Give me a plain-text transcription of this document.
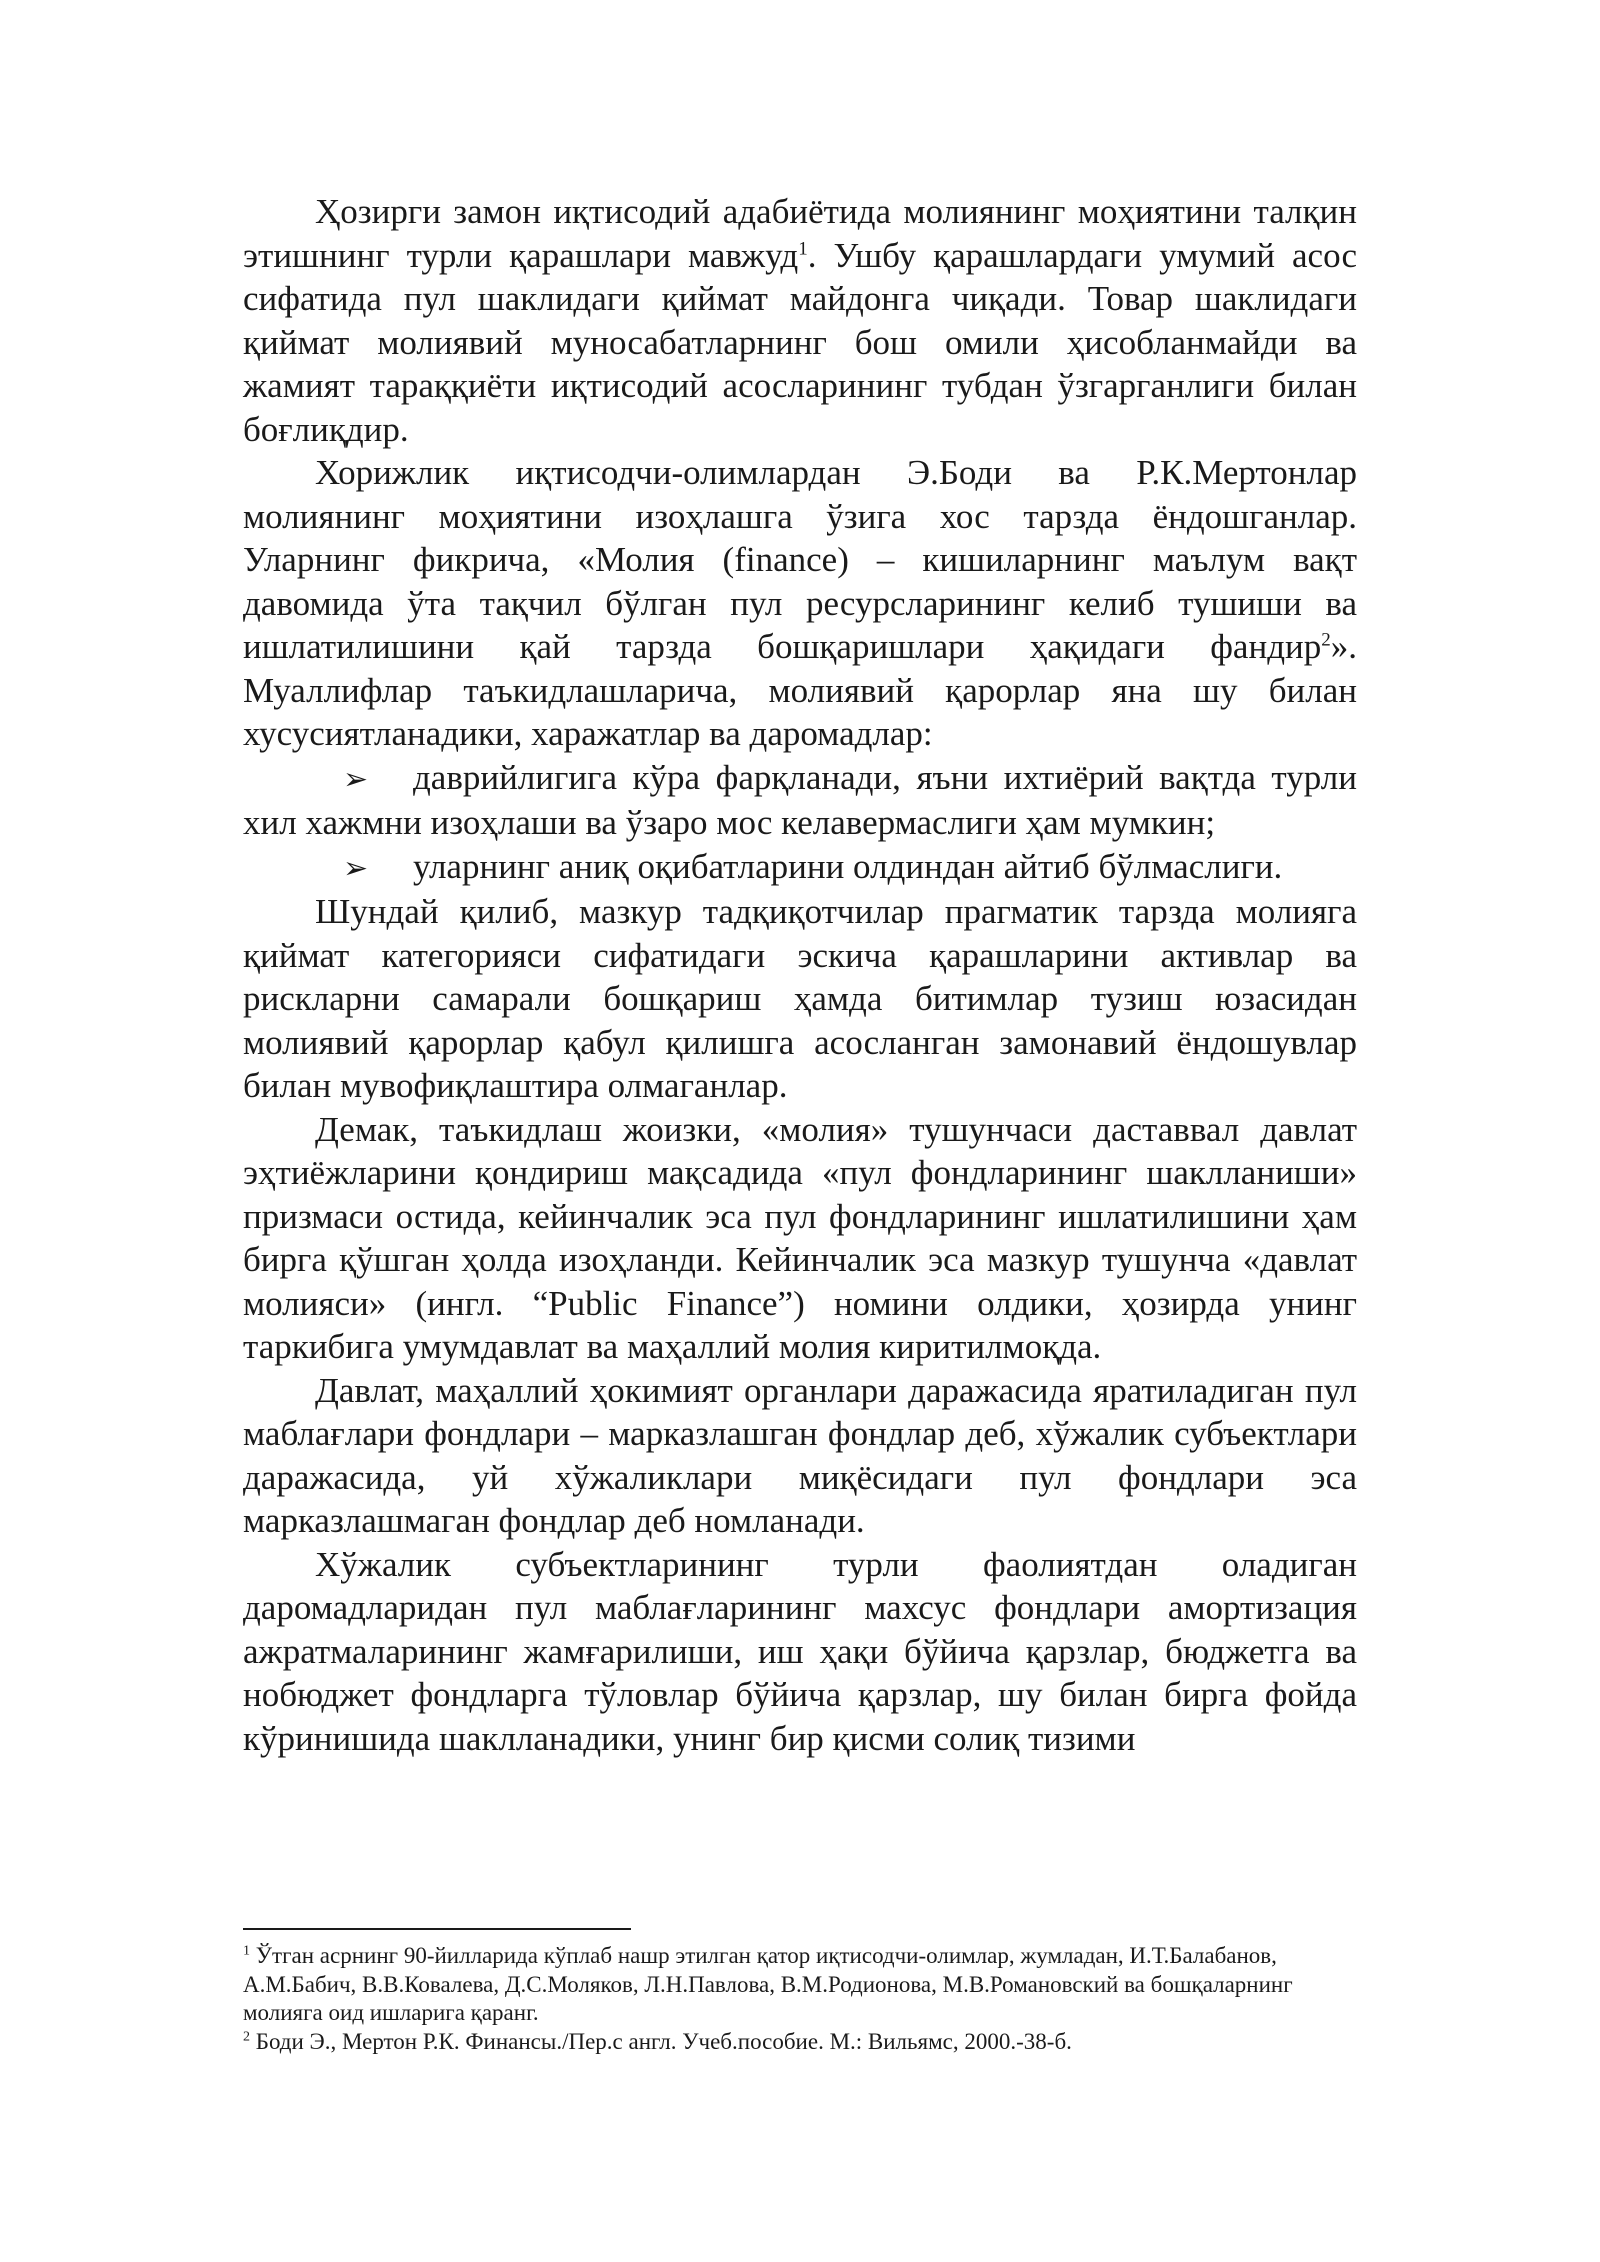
Ҳозирги замон иқтисодий адабиётида молиянинг моҳиятини талқин этишнинг турли қарашлари мавжуд$^1$. Ушбу қарашлардаги умумий асос сифатида пул шаклидаги қиймат майдонга чиқади. Товар шаклидаги қиймат молиявий муносабатларнинг бош омили ҳисобланмайди ва жамият тараққиёти иқтисодий асосларининг тубдан ўзгарганлиги билан боғлиқдир.

Хорижлик иқтисодчи-олимлардан Э.Боди ва Р.К.Мертонлар молиянинг моҳиятини изоҳлашга ўзига хос тарзда ёндошганлар. Уларнинг фикрича, «Молия (finance) – кишиларнинг маълум вақт давомида ўта тақчил бўлган пул ресурсларининг келиб тушиши ва ишлатилишини қай тарзда бошқаришлари ҳақидаги фандир$^2$». Муаллифлар таъкидлашларича, молиявий қарорлар яна шу билан хусусиятланадики, харажатлар ва даромадлар:

➢ даврийлигига кўра фарқланади, яъни ихтиёрий вақтда турли хил хажмни изоҳлаши ва ўзаро мос келавермаслиги ҳам мумкин;

➢ уларнинг аниқ оқибатларини олдиндан айтиб бўлмаслиги.

Шундай қилиб, мазкур тадқиқотчилар прагматик тарзда молияга қиймат категорияси сифатидаги эскича қарашларини активлар ва рискларни самарали бошқариш ҳамда битимлар тузиш юзасидан молиявий қарорлар қабул қилишга асосланган замонавий ёндошувлар билан мувофиқлаштира олмаганлар.

Демак, таъкидлаш жоизки, «молия» тушунчаси даставвал давлат эҳтиёжларини қондириш мақсадида «пул фондларининг шаклланиши» призмаси остида, кейинчалик эса пул фондларининг ишлатилишини ҳам бирга қўшган ҳолда изоҳланди. Кейинчалик эса мазкур тушунча «давлат молияси» (ингл. “Public Finance”) номини олдики, ҳозирда унинг таркибига умумдавлат ва маҳаллий молия киритилмоқда.

Давлат, маҳаллий ҳокимият органлари даражасида яратиладиган пул маблағлари фондлари – марказлашган фондлар деб, хўжалик субъектлари даражасида, уй хўжаликлари миқёсидаги пул фондлари эса марказлашмаган фондлар деб номланади.

Хўжалик субъектларининг турли фаолиятдан оладиган даромадларидан пул маблағларининг махсус фондлари амортизация ажратмаларининг жамғарилиши, иш ҳақи бўйича қарзлар, бюджетга ва нобюджет фондларга тўловлар бўйича қарзлар, шу билан бирга фойда кўринишида шаклланадики, унинг бир қисми солиқ тизими

$^1$ Ўтган асрнинг 90-йилларида кўплаб нашр этилган қатор иқтисодчи-олимлар, жумладан, И.Т.Балабанов, А.М.Бабич, В.В.Ковалева, Д.С.Моляков, Л.Н.Павлова, В.М.Родионова, М.В.Романовский ва бошқаларнинг молияга оид ишларига қаранг.

$^2$ Боди Э., Мертон Р.К. Финансы./Пер.с англ. Учеб.пособие. М.: Вильямс, 2000.-38-б.
